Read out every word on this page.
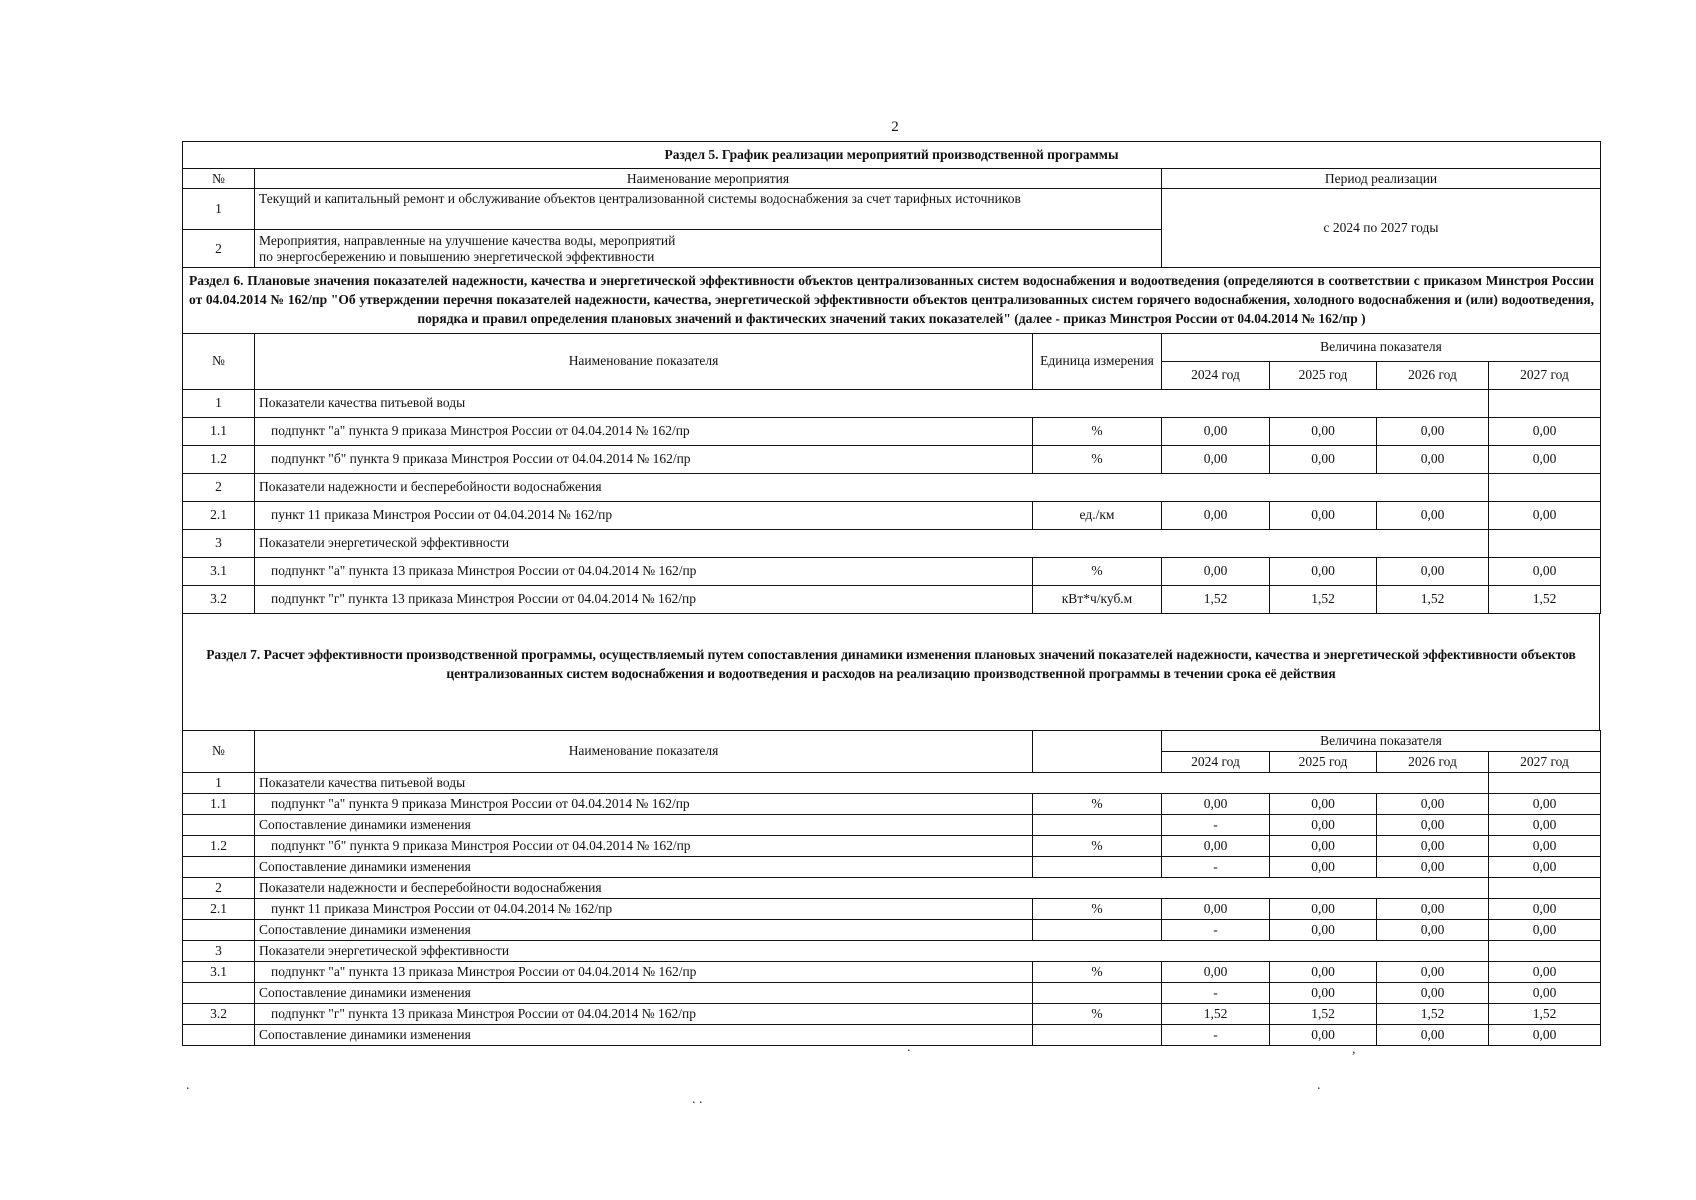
2
Раздел 5. График реализации мероприятий производственной программы		
№	Наименование мероприятия	Период реализации
1	Текущий и капитальный ремонт и обслуживание объектов централизованной системы водоснабжения за счет тарифных источников	с 2024 по 2027 годы
2	Мероприятия, направленные на улучшение качества воды, мероприятий
по энергосбережению и повышению энергетической эффективности	

Раздел 6. Плановые значения показателей надежности, качества и энергетической эффективности объектов централизованных систем водоснабжения и водоотведения (определяются в соответствии с приказом Минстроя России от 04.04.2014 № 162/пр "Об утверждении перечня показателей надежности, качества, энергетической эффективности объектов централизованных систем горячего водоснабжения, холодного водоснабжения и (или) водоотведения, порядка и правил определения плановых значений и фактических значений таких показателей" (далее - приказ Минстроя России от 04.04.2014 № 162/пр )		
№	Наименование показателя	Единица измерения	Величина показателя			
			2024 год	2025 год	2026 год	2027 год
1	Показатели качества питьевой воды					
1.1	подпункт "а" пункта 9 приказа Минстроя России от 04.04.2014 № 162/пр	%	0,00	0,00	0,00	0,00
1.2	подпункт "б" пункта 9 приказа Минстроя России от 04.04.2014 № 162/пр	%	0,00	0,00	0,00	0,00
2	Показатели надежности и бесперебойности водоснабжения					
2.1	пункт 11 приказа Минстроя России от 04.04.2014 № 162/пр	ед./км	0,00	0,00	0,00	0,00
3	Показатели энергетической эффективности					
3.1	подпункт "а" пункта 13 приказа Минстроя России от 04.04.2014 № 162/пр	%	0,00	0,00	0,00	0,00
3.2	подпункт "г" пункта 13 приказа Минстроя России от 04.04.2014 № 162/пр	кВт*ч/куб.м	1,52	1,52	1,52	1,52
Раздел 7. Расчет эффективности производственной программы, осуществляемый путем сопоставления динамики изменения плановых значений показателей надежности, качества и энергетической эффективности объектов централизованных систем водоснабжения и водоотведения и расходов на реализацию производственной программы в течении срока её действия
№	Наименование показателя		Величина показателя			
			2024 год	2025 год	2026 год	2027 год
1	Показатели качества питьевой воды					
1.1	подпункт "а" пункта 9 приказа Минстроя России от 04.04.2014 № 162/пр	%	0,00	0,00	0,00	0,00
	Сопоставление динамики изменения		-	0,00	0,00	0,00
1.2	подпункт "б" пункта 9 приказа Минстроя России от 04.04.2014 № 162/пр	%	0,00	0,00	0,00	0,00
	Сопоставление динамики изменения		-	0,00	0,00	0,00
2	Показатели надежности и бесперебойности водоснабжения					
2.1	пункт 11 приказа Минстроя России от 04.04.2014 № 162/пр	%	0,00	0,00	0,00	0,00
	Сопоставление динамики изменения		-	0,00	0,00	0,00
3	Показатели энергетической эффективности					
3.1	подпункт "а" пункта 13 приказа Минстроя России от 04.04.2014 № 162/пр	%	0,00	0,00	0,00	0,00
	Сопоставление динамики изменения		-	0,00	0,00	0,00
3.2	подпункт "г" пункта 13 приказа Минстроя России от 04.04.2014 № 162/пр	%	1,52	1,52	1,52	1,52
	Сопоставление динамики изменения		-	0,00	0,00	0,00
.	,
.
. .
.
